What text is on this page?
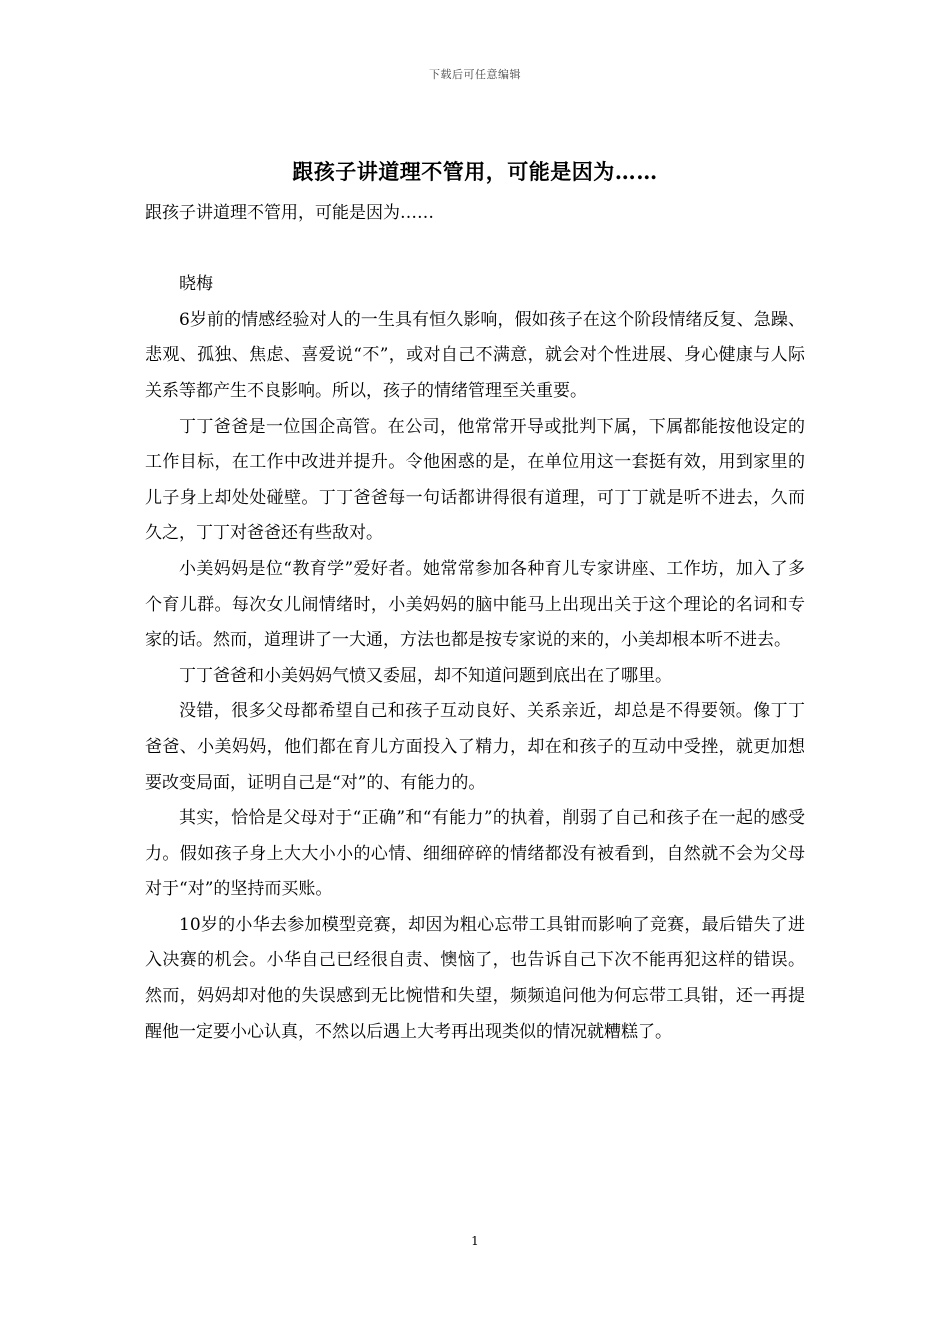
下载后可任意编辑
跟孩子讲道理不管用，可能是因为……

跟孩子讲道理不管用，可能是因为……

晓梅

6岁前的情感经验对人的一生具有恒久影响，假如孩子在这个阶段情绪反复、急躁、悲观、孤独、焦虑、喜爱说“不”，或对自己不满意，就会对个性进展、身心健康与人际关系等都产生不良影响。所以，孩子的情绪管理至关重要。

丁丁爸爸是一位国企高管。在公司，他常常开导或批判下属，下属都能按他设定的工作目标，在工作中改进并提升。令他困惑的是，在单位用这一套挺有效，用到家里的儿子身上却处处碰壁。丁丁爸爸每一句话都讲得很有道理，可丁丁就是听不进去，久而久之，丁丁对爸爸还有些敌对。

小美妈妈是位“教育学”爱好者。她常常参加各种育儿专家讲座、工作坊，加入了多个育儿群。每次女儿闹情绪时，小美妈妈的脑中能马上出现出关于这个理论的名词和专家的话。然而，道理讲了一大通，方法也都是按专家说的来的，小美却根本听不进去。

丁丁爸爸和小美妈妈气愤又委屈，却不知道问题到底出在了哪里。

没错，很多父母都希望自己和孩子互动良好、关系亲近，却总是不得要领。像丁丁爸爸、小美妈妈，他们都在育儿方面投入了精力，却在和孩子的互动中受挫，就更加想要改变局面，证明自己是“对”的、有能力的。

其实，恰恰是父母对于“正确”和“有能力”的执着，削弱了自己和孩子在一起的感受力。假如孩子身上大大小小的心情、细细碎碎的情绪都没有被看到，自然就不会为父母对于“对”的坚持而买账。

10岁的小华去参加模型竞赛，却因为粗心忘带工具钳而影响了竞赛，最后错失了进入决赛的机会。小华自己已经很自责、懊恼了，也告诉自己下次不能再犯这样的错误。然而，妈妈却对他的失误感到无比惋惜和失望，频频追问他为何忘带工具钳，还一再提醒他一定要小心认真，不然以后遇上大考再出现类似的情况就糟糕了。

1
